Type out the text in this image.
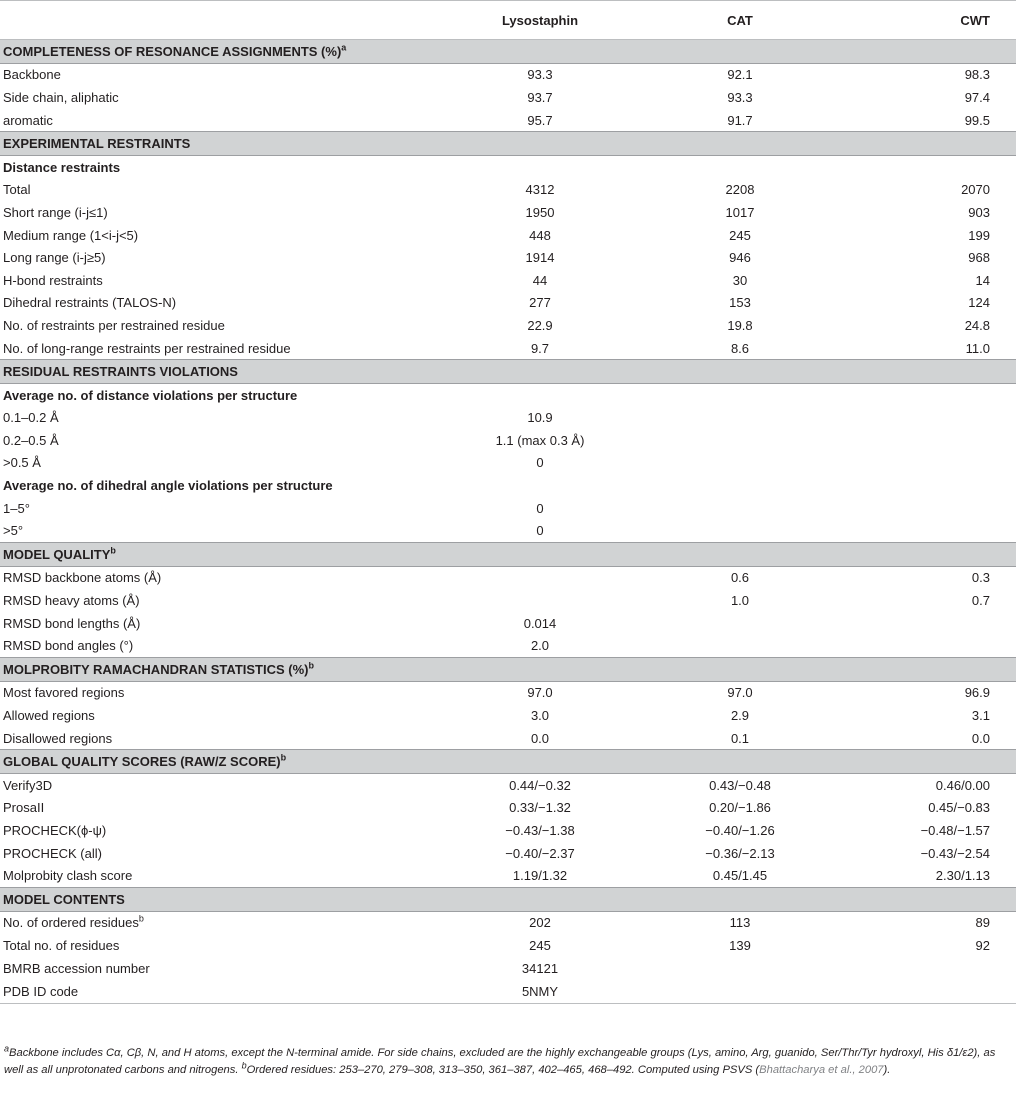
	Lysostaphin	CAT	CWT
COMPLETENESS OF RESONANCE ASSIGNMENTS (%)$^a$
Backbone	93.3	92.1	98.3
Side chain, aliphatic	93.7	93.3	97.4
aromatic	95.7	91.7	99.5
EXPERIMENTAL RESTRAINTS			
Distance restraints			
Total	4312	2208	2070
Short range (i-j≤1)	1950	1017	903
Medium range (1<i-j<5)	448	245	199
Long range (i-j≥5)	1914	946	968
H-bond restraints	44	30	14
Dihedral restraints (TALOS-N)	277	153	124
No. of restraints per restrained residue	22.9	19.8	24.8
No. of long-range restraints per restrained residue	9.7	8.6	11.0
RESIDUAL RESTRAINTS VIOLATIONS			
Average no. of distance violations per structure			
0.1–0.2 Å	10.9		
0.2–0.5 Å	1.1 (max 0.3 Å)		
>0.5 Å	0		
Average no. of dihedral angle violations per structure			
1–5°	0		
>5°	0		
MODEL QUALITY$^b$
RMSD backbone atoms (Å)		0.6	0.3
RMSD heavy atoms (Å)		1.0	0.7
RMSD bond lengths (Å)	0.014		
RMSD bond angles (°)	2.0		
MOLPROBITY RAMACHANDRAN STATISTICS (%)$^b$
Most favored regions	97.0	97.0	96.9
Allowed regions	3.0	2.9	3.1
Disallowed regions	0.0	0.1	0.0
GLOBAL QUALITY SCORES (RAW/Z SCORE)$^b$
Verify3D	0.44/−0.32	0.43/−0.48	0.46/0.00
ProsaII	0.33/−1.32	0.20/−1.86	0.45/−0.83
PROCHECK(ϕ-ψ)	−0.43/−1.38	−0.40/−1.26	−0.48/−1.57
PROCHECK (all)	−0.40/−2.37	−0.36/−2.13	−0.43/−2.54
Molprobity clash score	1.19/1.32	0.45/1.45	2.30/1.13
MODEL CONTENTS			
No. of ordered residues$^b$	202	113	89
Total no. of residues	245	139	92
BMRB accession number	34121		
PDB ID code	5NMY		
$^a$Backbone includes Cα, Cβ, N, and H atoms, except the N-terminal amide. For side chains, excluded are the highly exchangeable groups (Lys, amino, Arg, guanido, Ser/Thr/Tyr hydroxyl, His δ1/ε2), as well as all unprotonated carbons and nitrogens. $^b$Ordered residues: 253–270, 279–308, 313–350, 361–387, 402–465, 468–492. Computed using PSVS (Bhattacharya et al., 2007).
